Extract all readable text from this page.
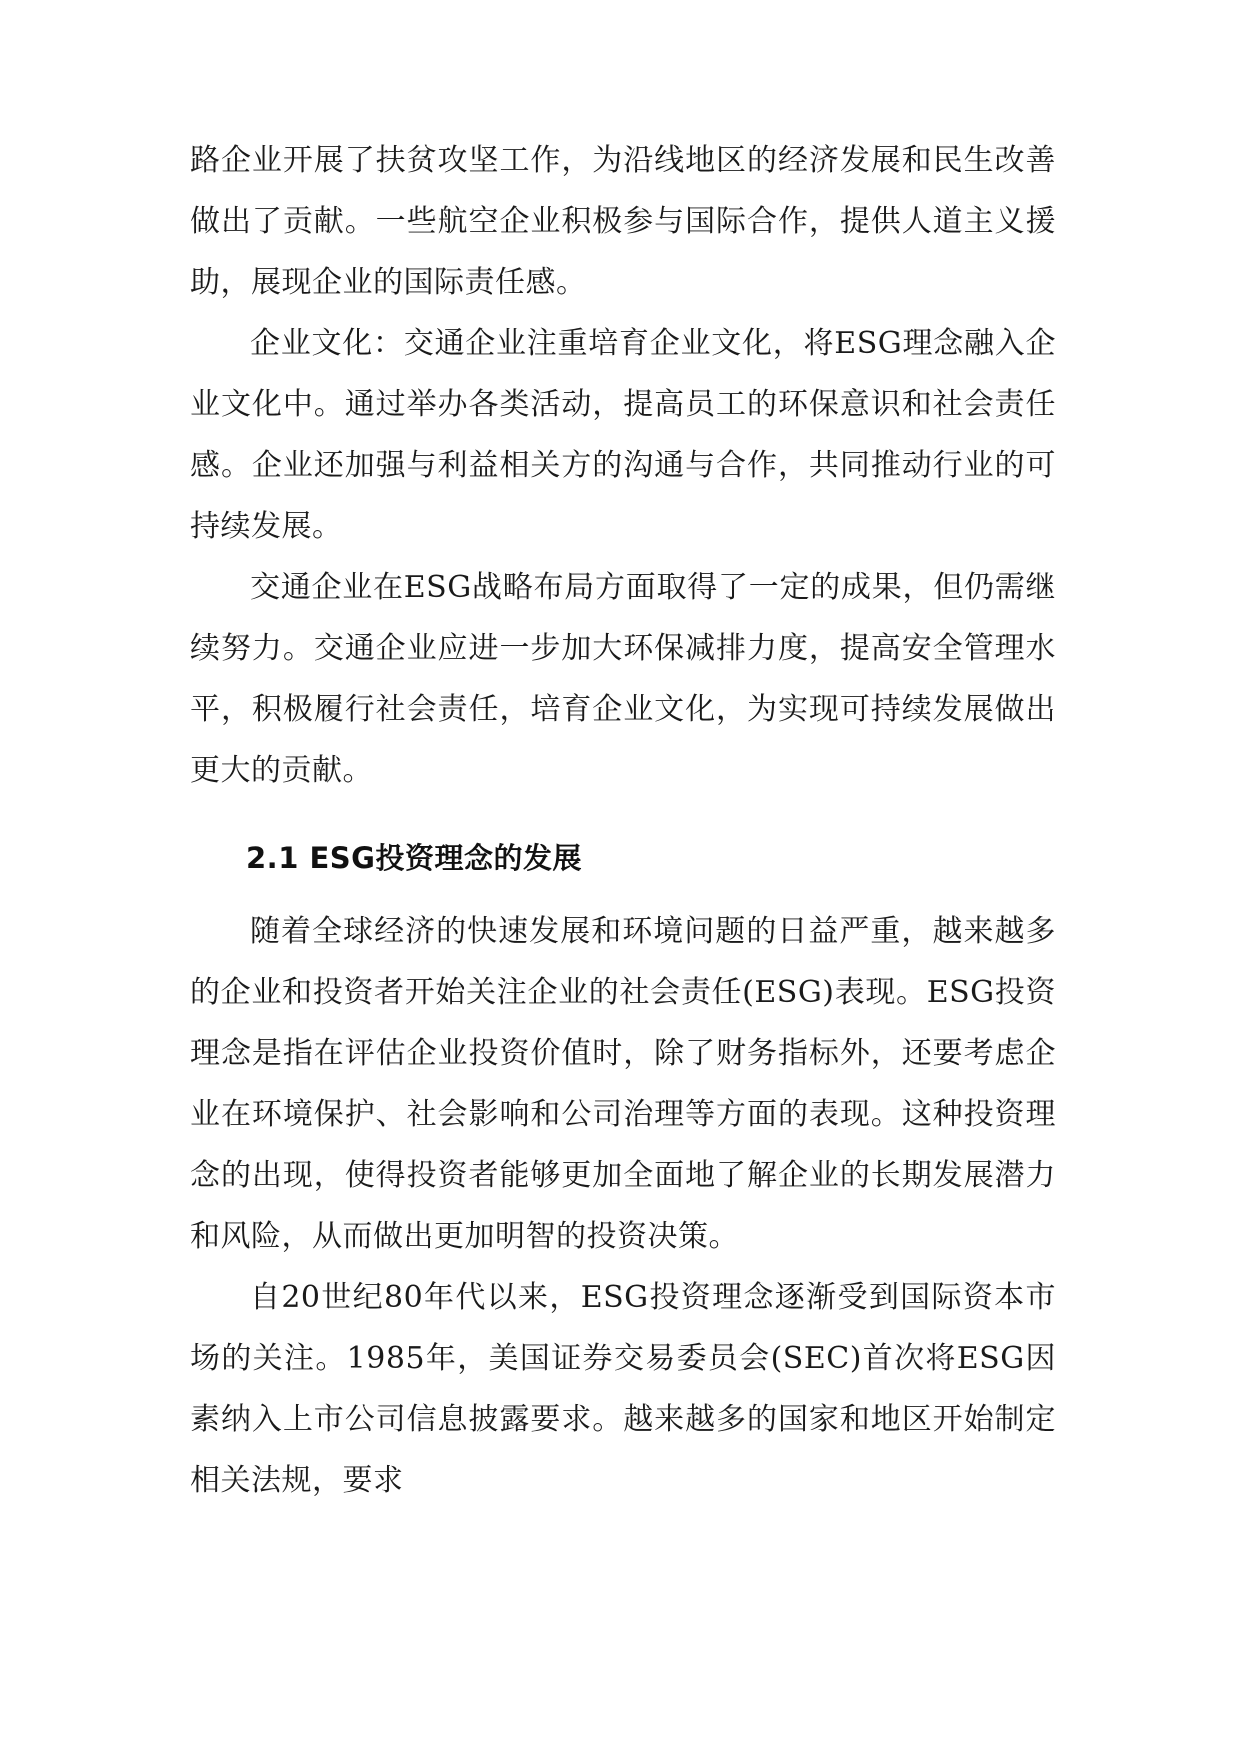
路企业开展了扶贫攻坚工作，为沿线地区的经济发展和民生改善做出了贡献。一些航空企业积极参与国际合作，提供人道主义援助，展现企业的国际责任感。

企业文化：交通企业注重培育企业文化，将ESG理念融入企业文化中。通过举办各类活动，提高员工的环保意识和社会责任感。企业还加强与利益相关方的沟通与合作，共同推动行业的可持续发展。

交通企业在ESG战略布局方面取得了一定的成果，但仍需继续努力。交通企业应进一步加大环保减排力度，提高安全管理水平，积极履行社会责任，培育企业文化，为实现可持续发展做出更大的贡献。

2.1 ESG投资理念的发展

随着全球经济的快速发展和环境问题的日益严重，越来越多的企业和投资者开始关注企业的社会责任(ESG)表现。ESG投资理念是指在评估企业投资价值时，除了财务指标外，还要考虑企业在环境保护、社会影响和公司治理等方面的表现。这种投资理念的出现，使得投资者能够更加全面地了解企业的长期发展潜力和风险，从而做出更加明智的投资决策。

自20世纪80年代以来，ESG投资理念逐渐受到国际资本市场的关注。1985年，美国证券交易委员会(SEC)首次将ESG因素纳入上市公司信息披露要求。越来越多的国家和地区开始制定相关法规，要求
